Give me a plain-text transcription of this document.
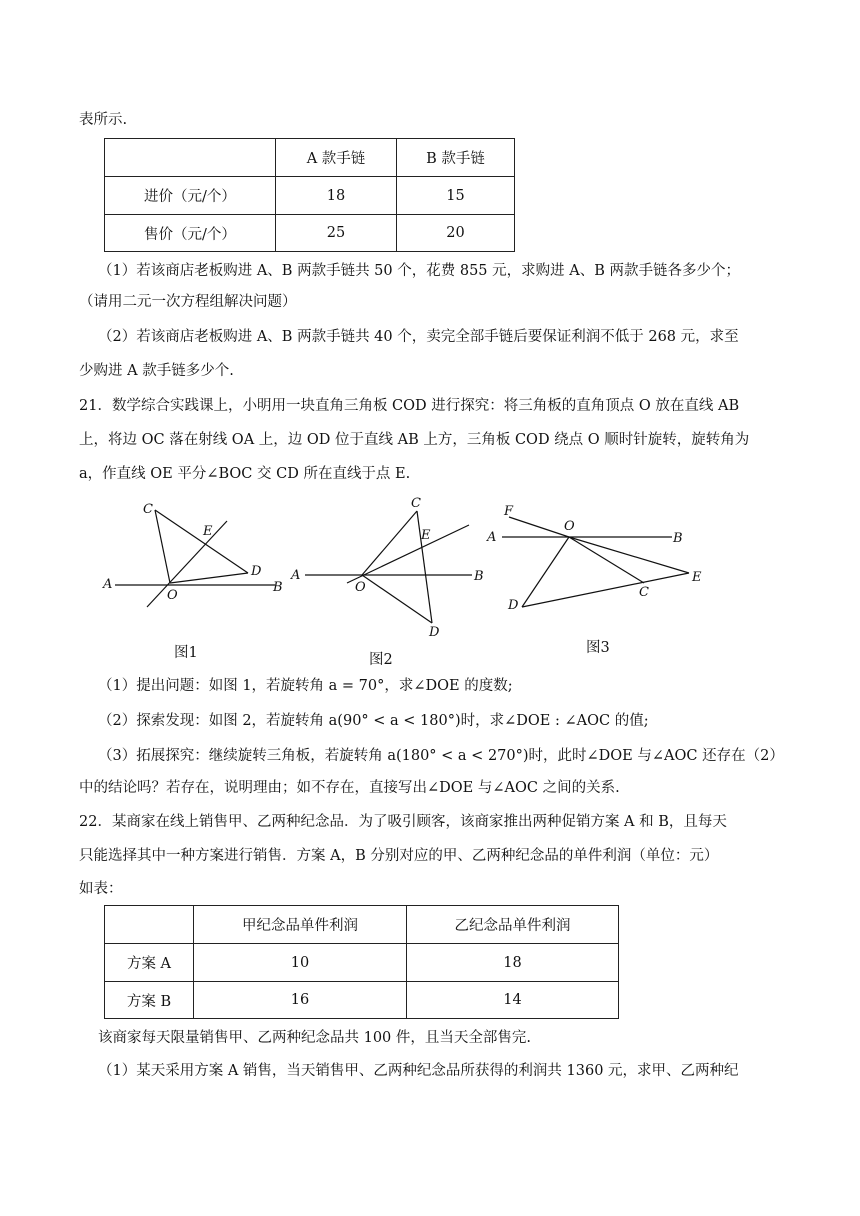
表所示.
	A 款手链	B 款手链
进价（元/个）	18	15
售价（元/个）	25	20
（1）若该商店老板购进 A、B 两款手链共 50 个，花费 855 元，求购进 A、B 两款手链各多少个；
（请用二元一次方程组解决问题）
（2）若该商店老板购进 A、B 两款手链共 40 个，卖完全部手链后要保证利润不低于 268 元，求至
少购进 A 款手链多少个.
21．数学综合实践课上，小明用一块直角三角板 COD 进行探究：将三角板的直角顶点 O 放在直线 AB
上，将边 OC 落在射线 OA 上，边 OD 位于直线 AB 上方，三角板 COD 绕点 O 顺时针旋转，旋转角为
a，作直线 OE 平分∠BOC 交 CD 所在直线于点 E.
C
E
D
A
O
B
图1
C
E
A
O
B
D
图2
F
O
A	B
E
C
D
图3
（1）提出问题：如图 1，若旋转角 a = 70°，求∠DOE 的度数;
（2）探索发现：如图 2，若旋转角 a(90° < a < 180°)时，求∠DOE : ∠AOC 的值;
（3）拓展探究：继续旋转三角板，若旋转角 a(180° < a < 270°)时，此时∠DOE 与∠AOC 还存在（2）
中的结论吗？若存在，说明理由；如不存在，直接写出∠DOE 与∠AOC 之间的关系.
22．某商家在线上销售甲、乙两种纪念品．为了吸引顾客，该商家推出两种促销方案 A 和 B，且每天
只能选择其中一种方案进行销售．方案 A，B 分别对应的甲、乙两种纪念品的单件利润（单位：元）
如表：
	甲纪念品单件利润	乙纪念品单件利润
方案 A	10	18
方案 B	16	14
该商家每天限量销售甲、乙两种纪念品共 100 件，且当天全部售完.
（1）某天采用方案 A 销售，当天销售甲、乙两种纪念品所获得的利润共 1360 元，求甲、乙两种纪
